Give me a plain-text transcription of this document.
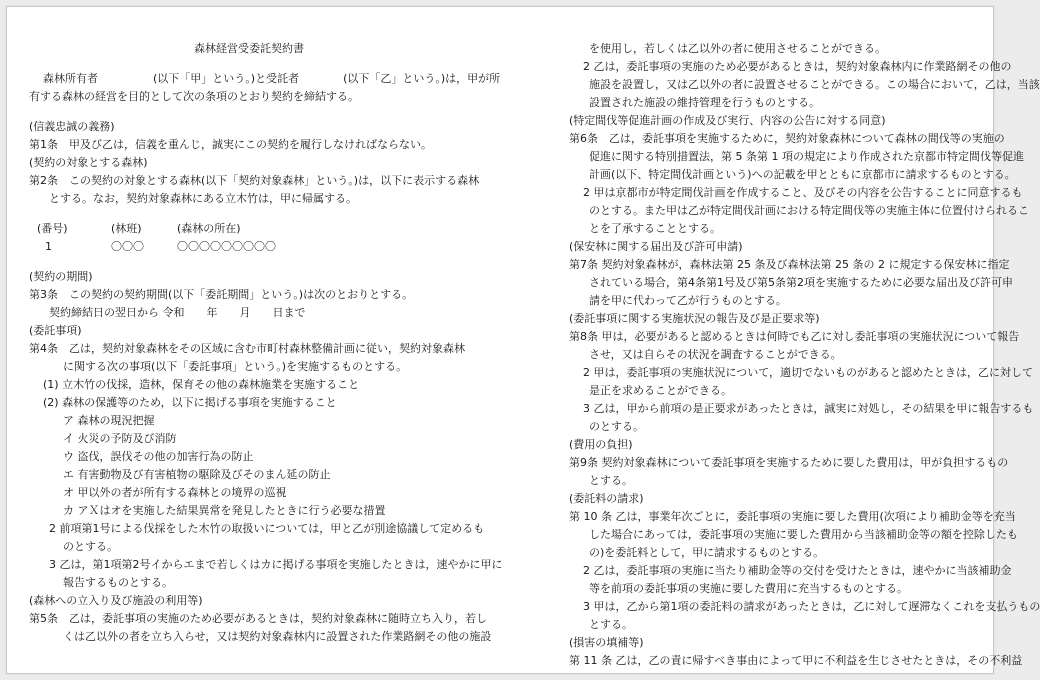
森林経営受委託契約書
森林所有者　　　　　(以下「甲」という。)と受託者　　　　(以下「乙」という。)は，甲が所
有する森林の経営を目的として次の条項のとおり契約を締結する。
(信義忠誠の義務)
第1条　甲及び乙は，信義を重んじ，誠実にこの契約を履行しなければならない。
(契約の対象とする森林)
第2条　この契約の対象とする森林(以下「契約対象森林」という。)は，以下に表示する森林
とする。なお，契約対象森林にある立木竹は，甲に帰属する。
(番号)	(林班)	(森林の所在)
1	〇〇〇	〇〇〇〇〇〇〇〇〇
(契約の期間)
第3条　この契約の契約期間(以下「委託期間」という。)は次のとおりとする。
契約締結日の翌日から 令和　　年　　月　　日まで
(委託事項)
第4条　乙は，契約対象森林をその区域に含む市町村森林整備計画に従い，契約対象森林
に関する次の事項(以下「委託事項」という。)を実施するものとする。
(1) 立木竹の伐採，造林，保育その他の森林施業を実施すること
(2) 森林の保護等のため，以下に掲げる事項を実施すること
ア 森林の現況把握
イ 火災の予防及び消防
ウ 盗伐，誤伐その他の加害行為の防止
エ 有害動物及び有害植物の駆除及びそのまん延の防止
オ 甲以外の者が所有する森林との境界の巡視
カ アＸはオを実施した結果異常を発見したときに行う必要な措置
2 前項第1号による伐採をした木竹の取扱いについては，甲と乙が別途協議して定めるも
のとする。
3 乙は，第1項第2号イからエまで若しくはカに掲げる事項を実施したときは，速やかに甲に
報告するものとする。
(森林への立入り及び施設の利用等)
第5条　乙は，委託事項の実施のため必要があるときは，契約対象森林に随時立ち入り，若し
くは乙以外の者を立ち入らせ，又は契約対象森林内に設置された作業路網その他の施設
を使用し，若しくは乙以外の者に使用させることができる。
2 乙は，委託事項の実施のため必要があるときは，契約対象森林内に作業路網その他の
施設を設置し，又は乙以外の者に設置させることができる。この場合において，乙は，当該
設置された施設の維持管理を行うものとする。
(特定間伐等促進計画の作成及び実行、内容の公告に対する同意)
第6条　乙は，委託事項を実施するために，契約対象森林について森林の間伐等の実施の
促進に関する特別措置法，第 5 条第 1 項の規定により作成された京都市特定間伐等促進
計画(以下、特定間伐計画という)への記載を甲とともに京都市に請求するものとする。
2 甲は京都市が特定間伐計画を作成すること、及びその内容を公告することに同意するも
のとする。また甲は乙が特定間伐計画における特定間伐等の実施主体に位置付けられるこ
とを了承することとする。
(保安林に関する届出及び許可申請)
第7条 契約対象森林が，森林法第 25 条及び森林法第 25 条の 2 に規定する保安林に指定
されている場合，第4条第1号及び第5条第2項を実施するために必要な届出及び許可申
請を甲に代わって乙が行うものとする。
(委託事項に関する実施状況の報告及び是正要求等)
第8条 甲は，必要があると認めるときは何時でも乙に対し委託事項の実施状況について報告
させ，又は自らその状況を調査することができる。
2 甲は，委託事項の実施状況について，適切でないものがあると認めたときは，乙に対して
是正を求めることができる。
3 乙は，甲から前項の是正要求があったときは，誠実に対処し，その結果を甲に報告するも
のとする。
(費用の負担)
第9条 契約対象森林について委託事項を実施するために要した費用は，甲が負担するもの
とする。
(委託料の請求)
第 10 条 乙は，事業年次ごとに，委託事項の実施に要した費用(次項により補助金等を充当
した場合にあっては，委託事項の実施に要した費用から当該補助金等の額を控除したも
の)を委託料として，甲に請求するものとする。
2 乙は，委託事項の実施に当たり補助金等の交付を受けたときは，速やかに当該補助金
等を前項の委託事項の実施に要した費用に充当するものとする。
3 甲は，乙から第1項の委託料の請求があったときは，乙に対して遅滞なくこれを支払うもの
とする。
(損害の填補等)
第 11 条 乙は，乙の責に帰すべき事由によって甲に不利益を生じさせたときは，その不利益
